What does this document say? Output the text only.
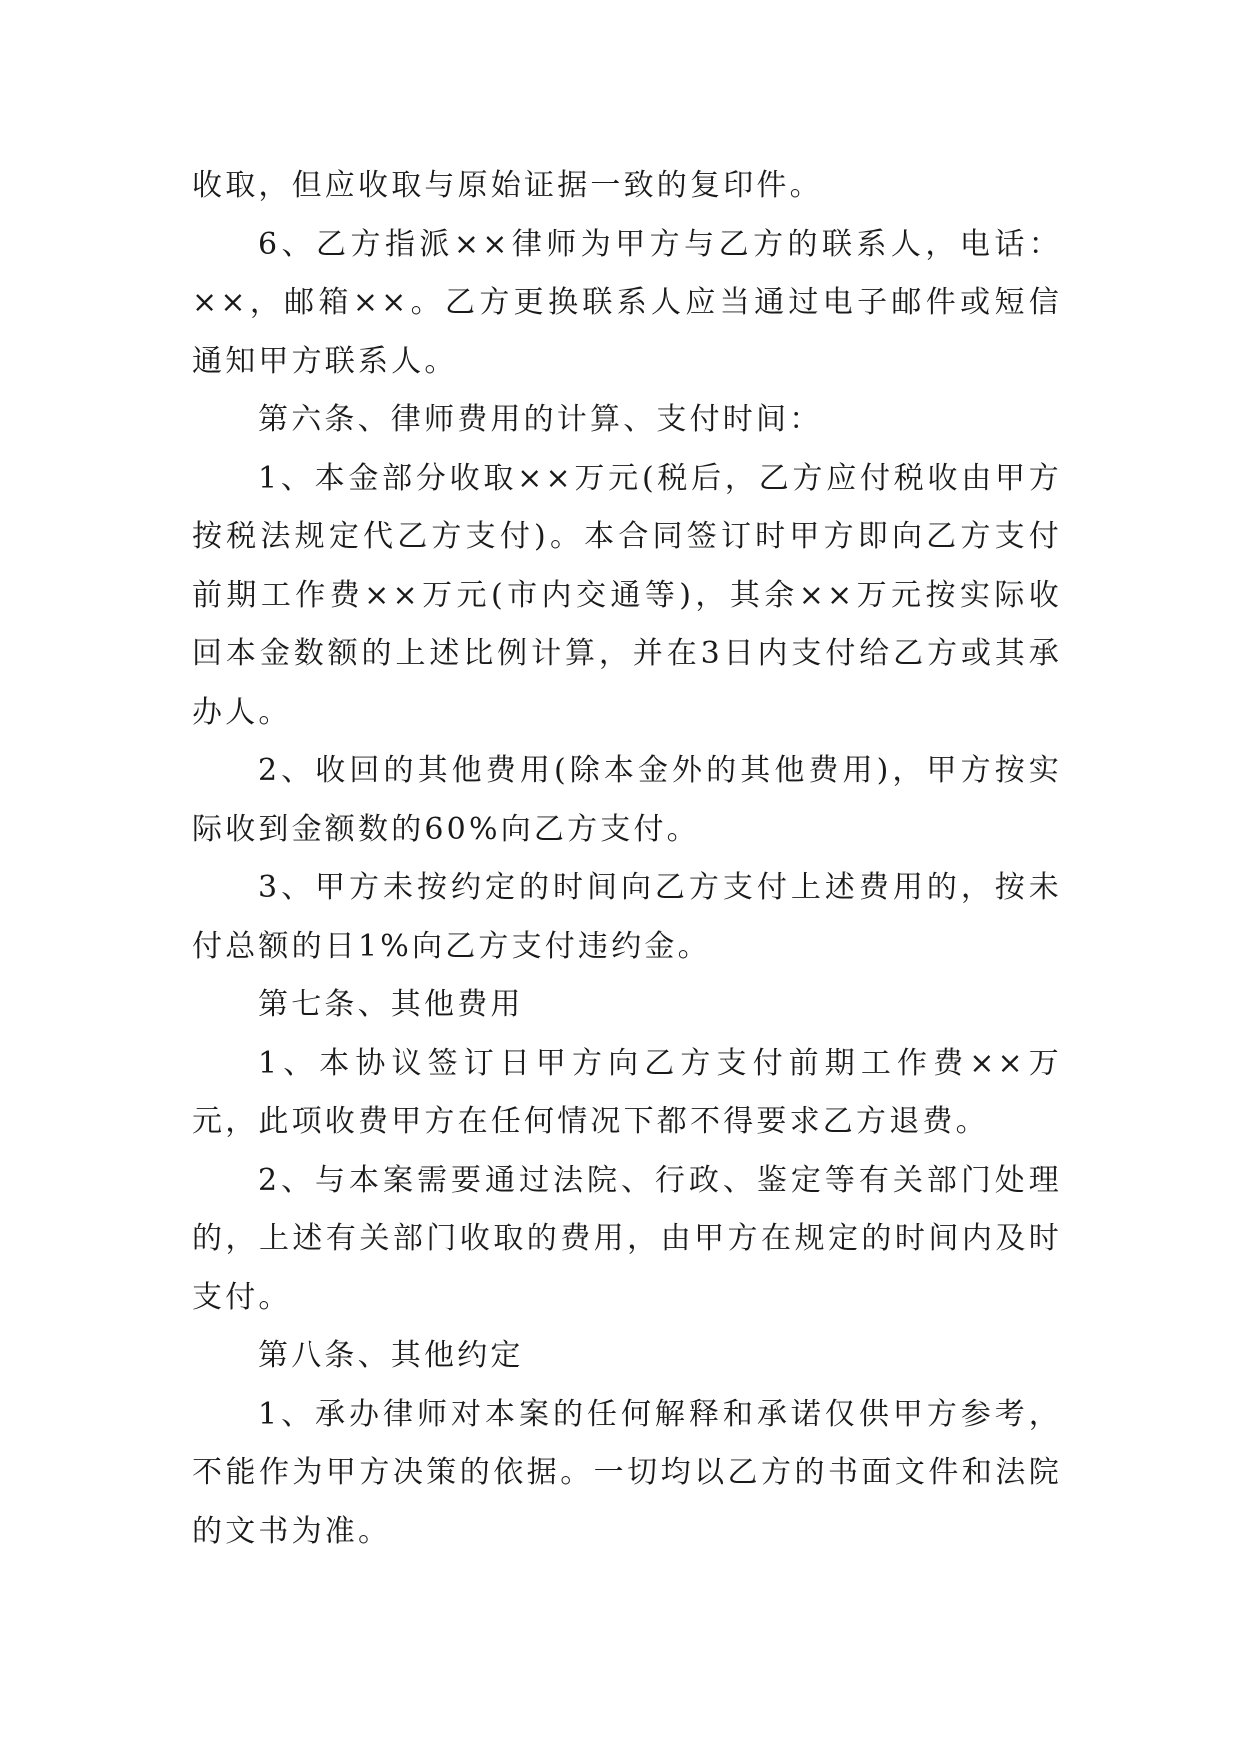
收取，但应收取与原始证据一致的复印件。

6、乙方指派××律师为甲方与乙方的联系人，电话：××，邮箱××。乙方更换联系人应当通过电子邮件或短信通知甲方联系人。

第六条、律师费用的计算、支付时间：

1、本金部分收取××万元(税后，乙方应付税收由甲方按税法规定代乙方支付)。本合同签订时甲方即向乙方支付前期工作费××万元(市内交通等)，其余××万元按实际收回本金数额的上述比例计算，并在3日内支付给乙方或其承办人。

2、收回的其他费用(除本金外的其他费用)，甲方按实际收到金额数的60%向乙方支付。

3、甲方未按约定的时间向乙方支付上述费用的，按未付总额的日1%向乙方支付违约金。

第七条、其他费用

1、本协议签订日甲方向乙方支付前期工作费××万元，此项收费甲方在任何情况下都不得要求乙方退费。

2、与本案需要通过法院、行政、鉴定等有关部门处理的，上述有关部门收取的费用，由甲方在规定的时间内及时支付。

第八条、其他约定

1、承办律师对本案的任何解释和承诺仅供甲方参考，不能作为甲方决策的依据。一切均以乙方的书面文件和法院的文书为准。
